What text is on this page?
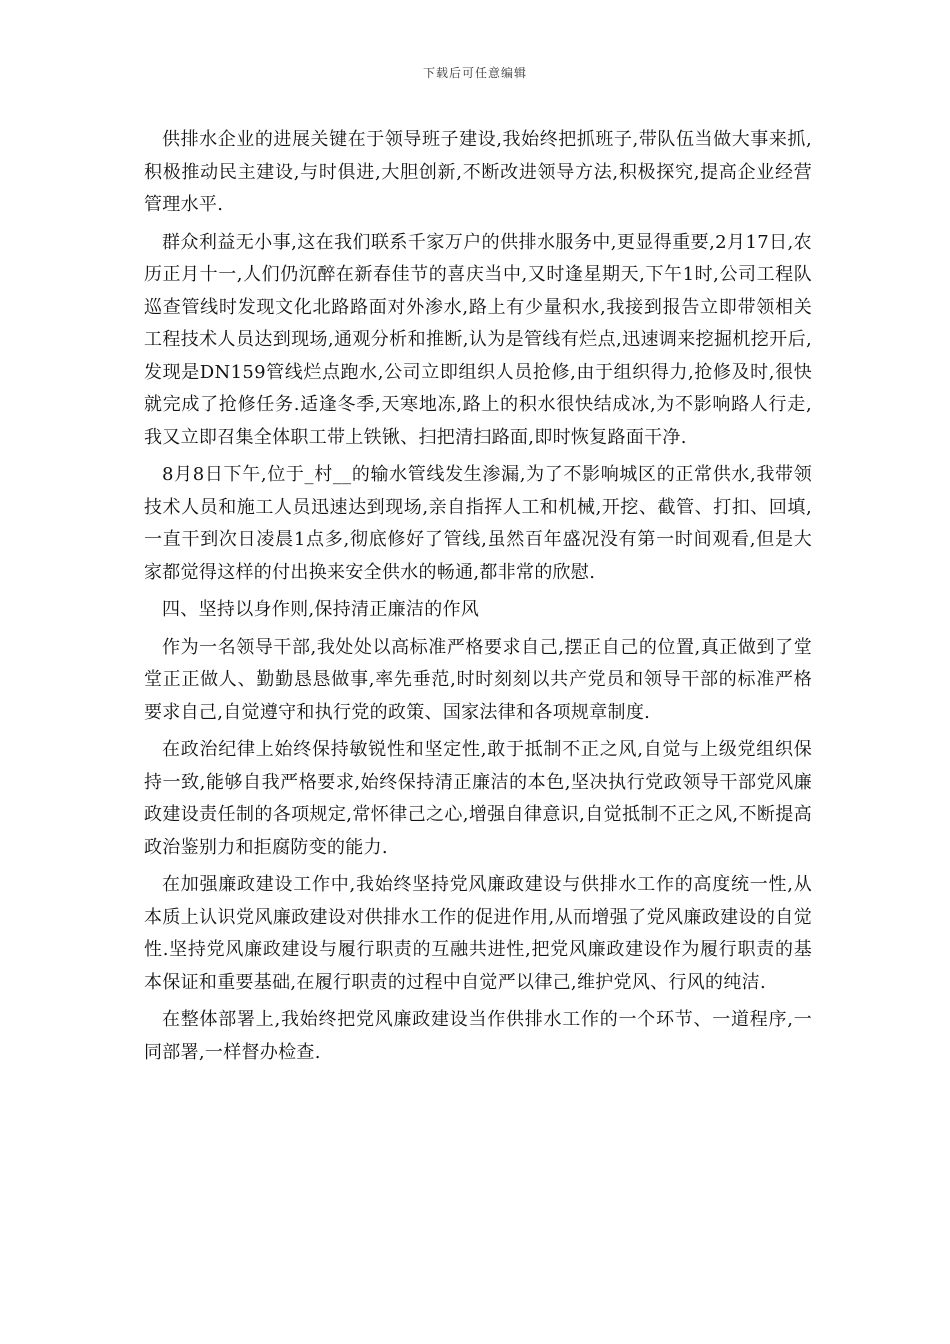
下载后可任意编辑

供排水企业的进展关键在于领导班子建设,我始终把抓班子,带队伍当做大事来抓,积极推动民主建设,与时俱进,大胆创新,不断改进领导方法,积极探究,提高企业经营管理水平.

群众利益无小事,这在我们联系千家万户的供排水服务中,更显得重要,2月17日,农历正月十一,人们仍沉醉在新春佳节的喜庆当中,又时逢星期天,下午1时,公司工程队巡查管线时发现文化北路路面对外渗水,路上有少量积水,我接到报告立即带领相关工程技术人员达到现场,通观分析和推断,认为是管线有烂点,迅速调来挖掘机挖开后,发现是DN159管线烂点跑水,公司立即组织人员抢修,由于组织得力,抢修及时,很快就完成了抢修任务.适逢冬季,天寒地冻,路上的积水很快结成冰,为不影响路人行走,我又立即召集全体职工带上铁锹、扫把清扫路面,即时恢复路面干净.

8月8日下午,位于_村__的输水管线发生渗漏,为了不影响城区的正常供水,我带领技术人员和施工人员迅速达到现场,亲自指挥人工和机械,开挖、截管、打扣、回填,一直干到次日凌晨1点多,彻底修好了管线,虽然百年盛况没有第一时间观看,但是大家都觉得这样的付出换来安全供水的畅通,都非常的欣慰.

四、坚持以身作则,保持清正廉洁的作风

作为一名领导干部,我处处以高标准严格要求自己,摆正自己的位置,真正做到了堂堂正正做人、勤勤恳恳做事,率先垂范,时时刻刻以共产党员和领导干部的标准严格要求自己,自觉遵守和执行党的政策、国家法律和各项规章制度.

在政治纪律上始终保持敏锐性和坚定性,敢于抵制不正之风,自觉与上级党组织保持一致,能够自我严格要求,始终保持清正廉洁的本色,坚决执行党政领导干部党风廉政建设责任制的各项规定,常怀律己之心,增强自律意识,自觉抵制不正之风,不断提高政治鉴别力和拒腐防变的能力.

在加强廉政建设工作中,我始终坚持党风廉政建设与供排水工作的高度统一性,从本质上认识党风廉政建设对供排水工作的促进作用,从而增强了党风廉政建设的自觉性.坚持党风廉政建设与履行职责的互融共进性,把党风廉政建设作为履行职责的基本保证和重要基础,在履行职责的过程中自觉严以律己,维护党风、行风的纯洁.

在整体部署上,我始终把党风廉政建设当作供排水工作的一个环节、一道程序,一同部署,一样督办检查.
